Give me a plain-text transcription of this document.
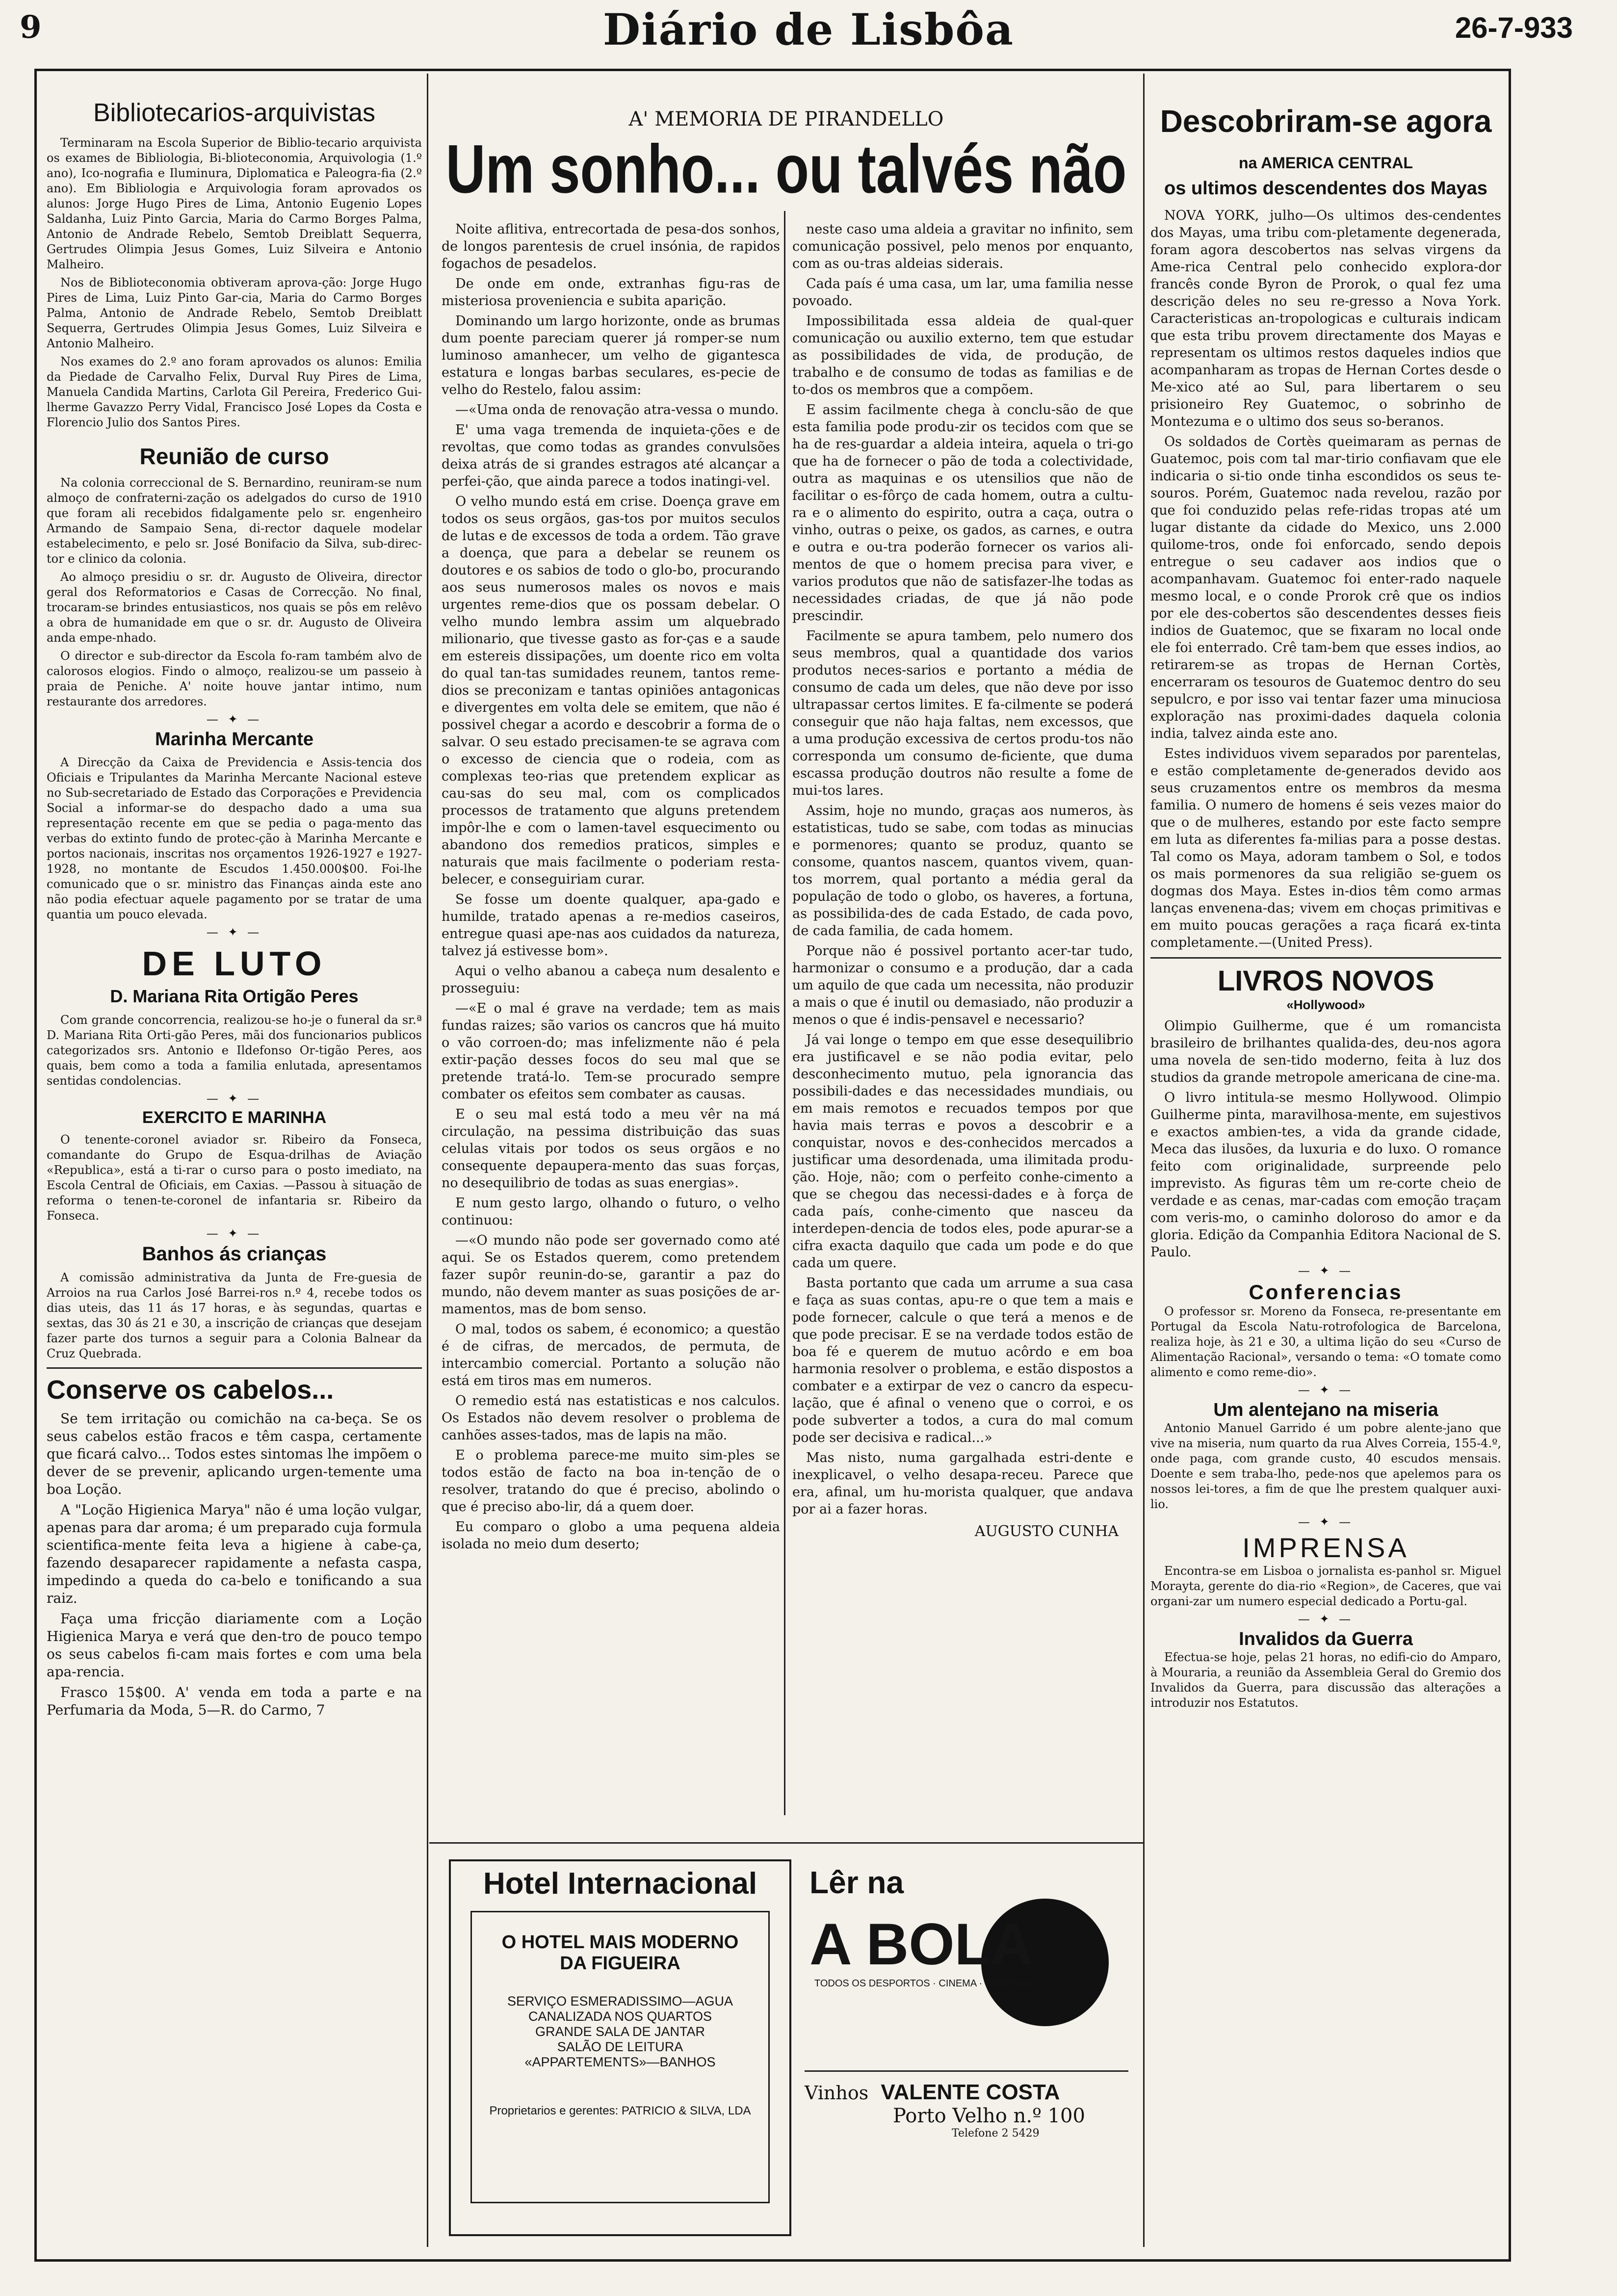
9	Diário de Lisbôa	26-7-933
Bibliotecarios-arquivistas

Terminaram na Escola Superior de Biblio-tecario arquivista os exames de Bibliologia, Bi-blioteconomia, Arquivologia (1.º ano), Ico-nografia e Iluminura, Diplomatica e Paleogra-fia (2.º ano). Em Bibliologia e Arquivologia foram aprovados os alunos: Jorge Hugo Pires de Lima, Antonio Eugenio Lopes Saldanha, Luiz Pinto Garcia, Maria do Carmo Borges Palma, Antonio de Andrade Rebelo, Semtob Dreiblatt Sequerra, Gertrudes Olimpia Jesus Gomes, Luiz Silveira e Antonio Malheiro.

Nos de Biblioteconomia obtiveram aprova-ção: Jorge Hugo Pires de Lima, Luiz Pinto Gar-cia, Maria do Carmo Borges Palma, Antonio de Andrade Rebelo, Semtob Dreiblatt Sequerra, Gertrudes Olimpia Jesus Gomes, Luiz Silveira e Antonio Malheiro.

Nos exames do 2.º ano foram aprovados os alunos: Emilia da Piedade de Carvalho Felix, Durval Ruy Pires de Lima, Manuela Candida Martins, Carlota Gil Pereira, Frederico Gui-lherme Gavazzo Perry Vidal, Francisco José Lopes da Costa e Florencio Julio dos Santos Pires.

Reunião de curso

Na colonia correccional de S. Bernardino, reuniram-se num almoço de confraterni-zação os adelgados do curso de 1910 que foram ali recebidos fidalgamente pelo sr. engenheiro Armando de Sampaio Sena, di-rector daquele modelar estabelecimento, e pelo sr. José Bonifacio da Silva, sub-direc-tor e clinico da colonia.

Ao almoço presidiu o sr. dr. Augusto de Oliveira, director geral dos Reformatorios e Casas de Correcção. No final, trocaram-se brindes entusiasticos, nos quais se pôs em relêvo a obra de humanidade em que o sr. dr. Augusto de Oliveira anda empe-nhado.

O director e sub-director da Escola fo-ram também alvo de calorosos elogios. Findo o almoço, realizou-se um passeio à praia de Peniche. A' noite houve jantar intimo, num restaurante dos arredores.

— ✦ —
Marinha Mercante

A Direcção da Caixa de Previdencia e Assis-tencia dos Oficiais e Tripulantes da Marinha Mercante Nacional esteve no Sub-secretariado de Estado das Corporações e Previdencia Social a informar-se do despacho dado a uma sua representação recente em que se pedia o paga-mento das verbas do extinto fundo de protec-ção à Marinha Mercante e portos nacionais, inscritas nos orçamentos 1926-1927 e 1927-1928, no montante de Escudos 1.450.000$00. Foi-lhe comunicado que o sr. ministro das Finanças ainda este ano não podia efectuar aquele pagamento por se tratar de uma quantia um pouco elevada.

— ✦ —
DE LUTO
D. Mariana Rita Ortigão Peres

Com grande concorrencia, realizou-se ho-je o funeral da sr.ª D. Mariana Rita Orti-gão Peres, mãi dos funcionarios publicos categorizados srs. Antonio e Ildefonso Or-tigão Peres, aos quais, bem como a toda a familia enlutada, apresentamos sentidas condolencias.

— ✦ —
EXERCITO E MARINHA

O tenente-coronel aviador sr. Ribeiro da Fonseca, comandante do Grupo de Esqua-drilhas de Aviação «Republica», está a ti-rar o curso para o posto imediato, na Escola Central de Oficiais, em Caxias. —Passou à situação de reforma o tenen-te-coronel de infantaria sr. Ribeiro da Fonseca.

— ✦ —
Banhos ás crianças

A comissão administrativa da Junta de Fre-guesia de Arroios na rua Carlos José Barrei-ros n.º 4, recebe todos os dias uteis, das 11 ás 17 horas, e às segundas, quartas e sextas, das 30 ás 21 e 30, a inscrição de crianças que desejam fazer parte dos turnos a seguir para a Colonia Balnear da Cruz Quebrada.

Conserve os cabelos...

Se tem irritação ou comichão na ca-beça. Se os seus cabelos estão fracos e têm caspa, certamente que ficará calvo... Todos estes sintomas lhe impõem o dever de se prevenir, aplicando urgen-temente uma boa Loção.

A "Loção Higienica Marya" não é uma loção vulgar, apenas para dar aroma; é um preparado cuja formula scientifica-mente feita leva a higiene à cabe-ça, fazendo desaparecer rapidamente a nefasta caspa, impedindo a queda do ca-belo e tonificando a sua raiz.

Faça uma fricção diariamente com a Loção Higienica Marya e verá que den-tro de pouco tempo os seus cabelos fi-cam mais fortes e com uma bela apa-rencia.

Frasco 15$00. A' venda em toda a parte e na Perfumaria da Moda, 5—R. do Carmo, 7

A' MEMORIA DE PIRANDELLO
Um sonho... ou talvés não

Noite aflitiva, entrecortada de pesa-dos sonhos, de longos parentesis de cruel insónia, de rapidos fogachos de pesadelos.

De onde em onde, extranhas figu-ras de misteriosa proveniencia e subita aparição.

Dominando um largo horizonte, onde as brumas dum poente pareciam querer já romper-se num luminoso amanhecer, um velho de gigantesca estatura e longas barbas seculares, es-pecie de velho do Restelo, falou assim:

—«Uma onda de renovação atra-vessa o mundo.

E' uma vaga tremenda de inquieta-ções e de revoltas, que como todas as grandes convulsões deixa atrás de si grandes estragos até alcançar a perfei-ção, que ainda parece a todos inatingi-vel.

O velho mundo está em crise. Doença grave em todos os seus orgãos, gas-tos por muitos seculos de lutas e de excessos de toda a ordem. Tão grave a doença, que para a debelar se reunem os doutores e os sabios de todo o glo-bo, procurando aos seus numerosos males os novos e mais urgentes reme-dios que os possam debelar. O velho mundo lembra assim um alquebrado milionario, que tivesse gasto as for-ças e a saude em estereis dissipações, um doente rico em volta do qual tan-tas sumidades reunem, tantos reme-dios se preconizam e tantas opiniões antagonicas e divergentes em volta dele se emitem, que não é possivel chegar a acordo e descobrir a forma de o salvar. O seu estado precisamen-te se agrava com o excesso de ciencia que o rodeia, com as complexas teo-rias que pretendem explicar as cau-sas do seu mal, com os complicados processos de tratamento que alguns pretendem impôr-lhe e com o lamen-tavel esquecimento ou abandono dos remedios praticos, simples e naturais que mais facilmente o poderiam resta-belecer, e conseguiriam curar.

Se fosse um doente qualquer, apa-gado e humilde, tratado apenas a re-medios caseiros, entregue quasi ape-nas aos cuidados da natureza, talvez já estivesse bom».

Aqui o velho abanou a cabeça num desalento e prosseguiu:

—«E o mal é grave na verdade; tem as mais fundas raizes; são varios os cancros que há muito o vão corroen-do; mas infelizmente não é pela extir-pação desses focos do seu mal que se pretende tratá-lo. Tem-se procurado sempre combater os efeitos sem combater as causas.

E o seu mal está todo a meu vêr na má circulação, na pessima distribuição das suas celulas vitais por todos os seus orgãos e no consequente depaupera-mento das suas forças, no desequilibrio de todas as suas energias».

E num gesto largo, olhando o futuro, o velho continuou:

—«O mundo não pode ser governado como até aqui. Se os Estados querem, como pretendem fazer supôr reunin-do-se, garantir a paz do mundo, não devem manter as suas posições de ar-mamentos, mas de bom senso.

O mal, todos os sabem, é economico; a questão é de cifras, de mercados, de permuta, de intercambio comercial. Portanto a solução não está em tiros mas em numeros.

O remedio está nas estatisticas e nos calculos. Os Estados não devem resolver o problema de canhões asses-tados, mas de lapis na mão.

E o problema parece-me muito sim-ples se todos estão de facto na boa in-tenção de o resolver, tratando do que é preciso, abolindo o que é preciso abo-lir, dá a quem doer.

Eu comparo o globo a uma pequena aldeia isolada no meio dum deserto;

neste caso uma aldeia a gravitar no infinito, sem comunicação possivel, pelo menos por enquanto, com as ou-tras aldeias siderais.

Cada país é uma casa, um lar, uma familia nesse povoado.

Impossibilitada essa aldeia de qual-quer comunicação ou auxilio externo, tem que estudar as possibilidades de vida, de produção, de trabalho e de consumo de todas as familias e de to-dos os membros que a compõem.

E assim facilmente chega à conclu-são de que esta familia pode produ-zir os tecidos com que se ha de res-guardar a aldeia inteira, aquela o tri-go que ha de fornecer o pão de toda a colectividade, outra as maquinas e os utensilios que não de facilitar o es-fôrço de cada homem, outra a cultu-ra e o alimento do espirito, outra a caça, outra o vinho, outras o peixe, os gados, as carnes, e outra e outra e ou-tra poderão fornecer os varios ali-mentos de que o homem precisa para viver, e varios produtos que não de satisfazer-lhe todas as necessidades criadas, de que já não pode prescindir.

Facilmente se apura tambem, pelo numero dos seus membros, qual a quantidade dos varios produtos neces-sarios e portanto a média de consumo de cada um deles, que não deve por isso ultrapassar certos limites. E fa-cilmente se poderá conseguir que não haja faltas, nem excessos, que a uma produção excessiva de certos produ-tos não corresponda um consumo de-ficiente, que duma escassa produção doutros não resulte a fome de mui-tos lares.

Assim, hoje no mundo, graças aos numeros, às estatisticas, tudo se sabe, com todas as minucias e pormenores; quanto se produz, quanto se consome, quantos nascem, quantos vivem, quan-tos morrem, qual portanto a média geral da população de todo o globo, os haveres, a fortuna, as possibilida-des de cada Estado, de cada povo, de cada familia, de cada homem.

Porque não é possivel portanto acer-tar tudo, harmonizar o consumo e a produção, dar a cada um aquilo de que cada um necessita, não produzir a mais o que é inutil ou demasiado, não produzir a menos o que é indis-pensavel e necessario?

Já vai longe o tempo em que esse desequilibrio era justificavel e se não podia evitar, pelo desconhecimento mutuo, pela ignorancia das possibili-dades e das necessidades mundiais, ou em mais remotos e recuados tempos por que havia mais terras e povos a descobrir e a conquistar, novos e des-conhecidos mercados a justificar uma desordenada, uma ilimitada produ-ção. Hoje, não; com o perfeito conhe-cimento a que se chegou das necessi-dades e à força de cada país, conhe-cimento que nasceu da interdepen-dencia de todos eles, pode apurar-se a cifra exacta daquilo que cada um pode e do que cada um quere.

Basta portanto que cada um arrume a sua casa e faça as suas contas, apu-re o que tem a mais e pode fornecer, calcule o que terá a menos e de que pode precisar. E se na verdade todos estão de boa fé e querem de mutuo acôrdo e em boa harmonia resolver o problema, e estão dispostos a combater e a extirpar de vez o cancro da especu-lação, que é afinal o veneno que o corroi, e os pode subverter a todos, a cura do mal comum pode ser decisiva e radical...»

Mas nisto, numa gargalhada estri-dente e inexplicavel, o velho desapa-receu. Parece que era, afinal, um hu-moristа qualquer, que andava por ai a fazer horas.

AUGUSTO CUNHA
Hotel Internacional
O HOTEL MAIS MODERNO
DA FIGUEIRA
SERVIÇO ESMERADISSIMO—AGUA
CANALIZADA NOS QUARTOS
GRANDE SALA DE JANTAR
SALÃO DE LEITURA
«APPARTEMENTS»—BANHOS
Proprietarios e gerentes: PATRICIO & SILVA, LDA
Lêr na
A BOLA
TODOS OS DESPORTOS · CINEMA · TEATROS
Vinhos VALENTE COSTA
Porto Velho n.º 100
Telefone 2 5429
Descobriram-se agora
na AMERICA CENTRAL
os ultimos descendentes dos Mayas

NOVA YORK, julho—Os ultimos des-cendentes dos Mayas, uma tribu com-pletamente degenerada, foram agora descobertos nas selvas virgens da Ame-rica Central pelo conhecido explora-dor francês conde Byron de Prorok, o qual fez uma descrição deles no seu re-gresso a Nova York. Caracteristicas an-tropologicas e culturais indicam que esta tribu provem directamente dos Mayas e representam os ultimos restos daqueles indios que acompanharam as tropas de Hernan Cortes desde o Me-xico até ao Sul, para libertarem o seu prisioneiro Rey Guatemoc, o sobrinho de Montezuma e o ultimo dos seus so-beranos.

Os soldados de Cortès queimaram as pernas de Guatemoc, pois com tal mar-tirio confiavam que ele indicaria o si-tio onde tinha escondidos os seus te-souros. Porém, Guatemoc nada revelou, razão por que foi conduzido pelas refe-ridas tropas até um lugar distante da cidade do Mexico, uns 2.000 quilome-tros, onde foi enforcado, sendo depois entregue o seu cadaver aos indios que o acompanhavam. Guatemoc foi enter-rado naquele mesmo local, e o conde Prorok crê que os indios por ele des-cobertos são descendentes desses fieis indios de Guatemoc, que se fixaram no local onde ele foi enterrado. Crê tam-bem que esses indios, ao retirarem-se as tropas de Hernan Cortès, encerraram os tesouros de Guatemoc dentro do seu sepulcro, e por isso vai tentar fazer uma minuciosa exploração nas proximi-dades daquela colonia india, talvez ainda este ano.

Estes individuos vivem separados por parentelas, e estão completamente de-generados devido aos seus cruzamentos entre os membros da mesma familia. O numero de homens é seis vezes maior do que o de mulheres, estando por este facto sempre em luta as diferentes fa-milias para a posse destas. Tal como os Maya, adoram tambem o Sol, e todos os mais pormenores da sua religião se-guem os dogmas dos Maya. Estes in-dios têm como armas lanças envenena-das; vivem em choças primitivas e em muito poucas gerações a raça ficará ex-tinta completamente.—(United Press).

LIVROS NOVOS
«Hollywood»

Olimpio Guilherme, que é um romancista brasileiro de brilhantes qualida-des, deu-nos agora uma novela de sen-tido moderno, feita à luz dos studios da grande metropole americana de cine-ma.

O livro intitula-se mesmo Hollywood. Olimpio Guilherme pinta, maravilhosa-mente, em sujestivos e exactos ambien-tes, a vida da grande cidade, Meca das ilusões, da luxuria e do luxo. O romance feito com originalidade, surpreende pelo imprevisto. As figuras têm um re-corte cheio de verdade e as cenas, mar-cadas com emoção traçam com veris-mo, o caminho doloroso do amor e da gloria. Edição da Companhia Editora Nacional de S. Paulo.

— ✦ —
Conferencias

O professor sr. Moreno da Fonseca, re-presentante em Portugal da Escola Natu-rotrofologica de Barcelona, realiza hoje, às 21 e 30, a ultima lição do seu «Curso de Alimentação Racional», versando o tema: «O tomate como alimento e como reme-dio».

— ✦ —
Um alentejano na miseria

Antonio Manuel Garrido é um pobre alente-jano que vive na miseria, num quarto da rua Alves Correia, 155-4.º, onde paga, com grande custo, 40 escudos mensais. Doente e sem traba-lho, pede-nos que apelemos para os nossos lei-tores, a fim de que lhe prestem qualquer auxi-lio.

— ✦ —
IMPRENSA

Encontra-se em Lisboa o jornalista es-panhol sr. Miguel Morayta, gerente do dia-rio «Region», de Caceres, que vai organi-zar um numero especial dedicado a Portu-gal.

— ✦ —
Invalidos da Guerra

Efectua-se hoje, pelas 21 horas, no edifi-cio do Amparo, à Mouraria, a reunião da Assembleia Geral do Gremio dos Invalidos da Guerra, para discussão das alterações a introduzir nos Estatutos.
